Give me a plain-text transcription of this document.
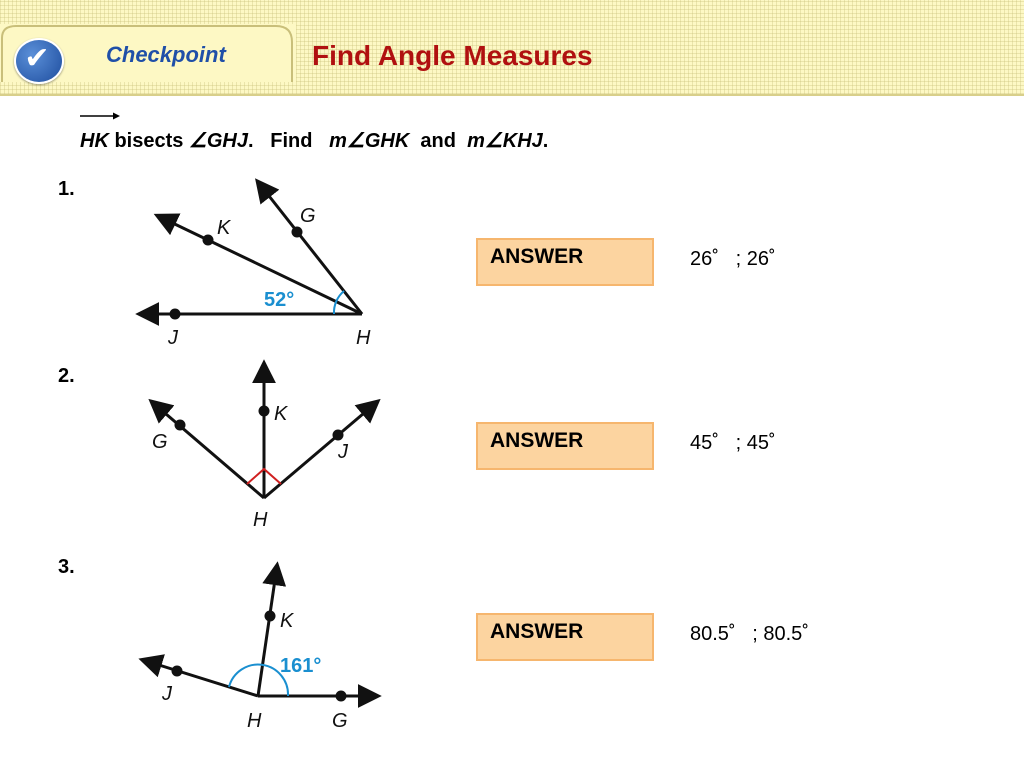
✔	Checkpoint	Find Angle Measures
HK bisects ∠GHJ.   Find   m∠GHK  and  m∠KHJ.
1.
K
G
J	H
52°
ANSWER	26˚   ; 26˚
2.
K
G	J
H
ANSWER	45˚   ; 45˚
3.
K
J
H	G
161°
ANSWER	80.5˚   ; 80.5˚
